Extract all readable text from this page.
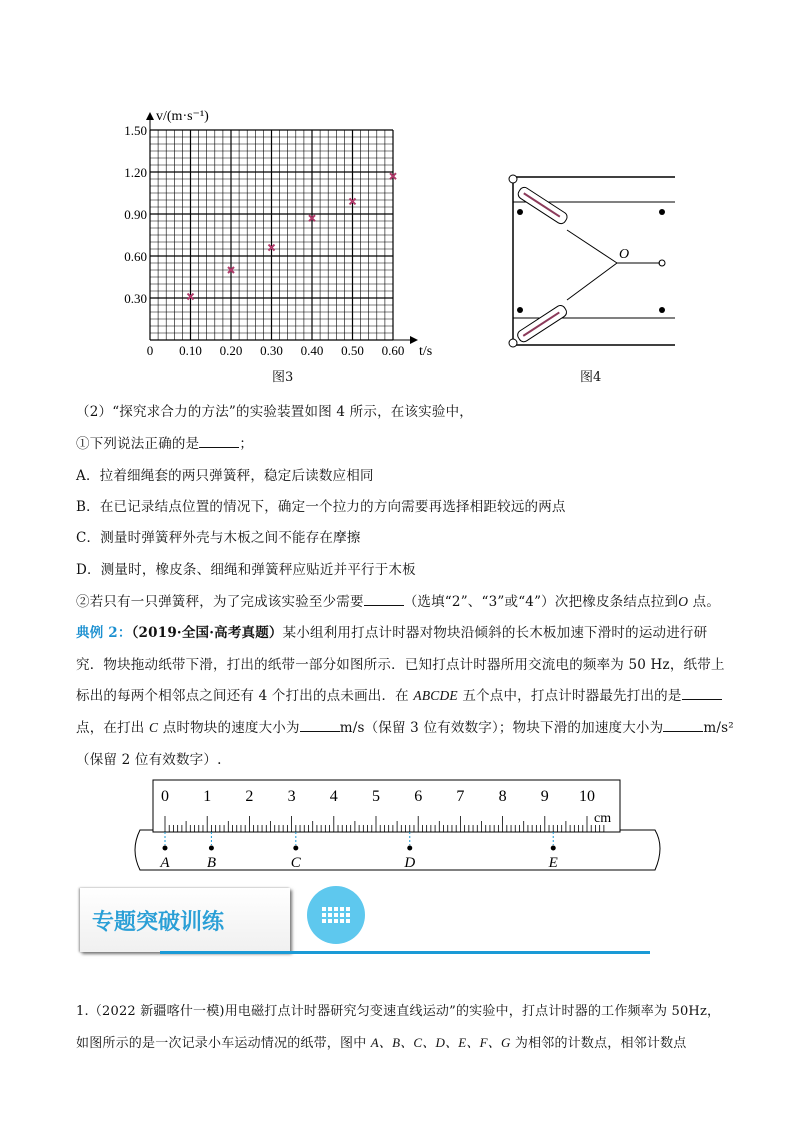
0 0.10 0.20 0.30 0.40 0.50 0.60
0.30
0.60
0.90
1.20
1.50
v/(m·s⁻¹)
t/s
图3
O
图4
（2）“探究求合力的方法”的实验装置如图 4 所示，在该实验中，
①下列说法正确的是	；
A．拉着细绳套的两只弹簧秤，稳定后读数应相同
B．在已记录结点位置的情况下，确定一个拉力的方向需要再选择相距较远的两点
C．测量时弹簧秤外壳与木板之间不能存在摩擦
D．测量时，橡皮条、细绳和弹簧秤应贴近并平行于木板
②若只有一只弹簧秤，为了完成该实验至少需要	（选填“2”、“3”或“4”）次把橡皮条结点拉到O 点。
典例 2：（2019·全国·高考真题）某小组利用打点计时器对物块沿倾斜的长木板加速下滑时的运动进行研
究．物块拖动纸带下滑，打出的纸带一部分如图所示．已知打点计时器所用交流电的频率为 50 Hz，纸带上
标出的每两个相邻点之间还有 4 个打出的点未画出．在 ABCDE 五个点中，打点计时器最先打出的是
点，在打出 C 点时物块的速度大小为	m/s（保留 3 位有效数字）；物块下滑的加速度大小为	m/s²
（保留 2 位有效数字）.
0 1 2 3 4 5 6 7 8 9 10
A B	C	D	E
cm
专题突破训练
1.（2022 新疆喀什一模)用电磁打点计时器研究匀变速直线运动”的实验中，打点计时器的工作频率为 50Hz，
如图所示的是一次记录小车运动情况的纸带，图中 A、B、C、D、E、F、G 为相邻的计数点，相邻计数点
